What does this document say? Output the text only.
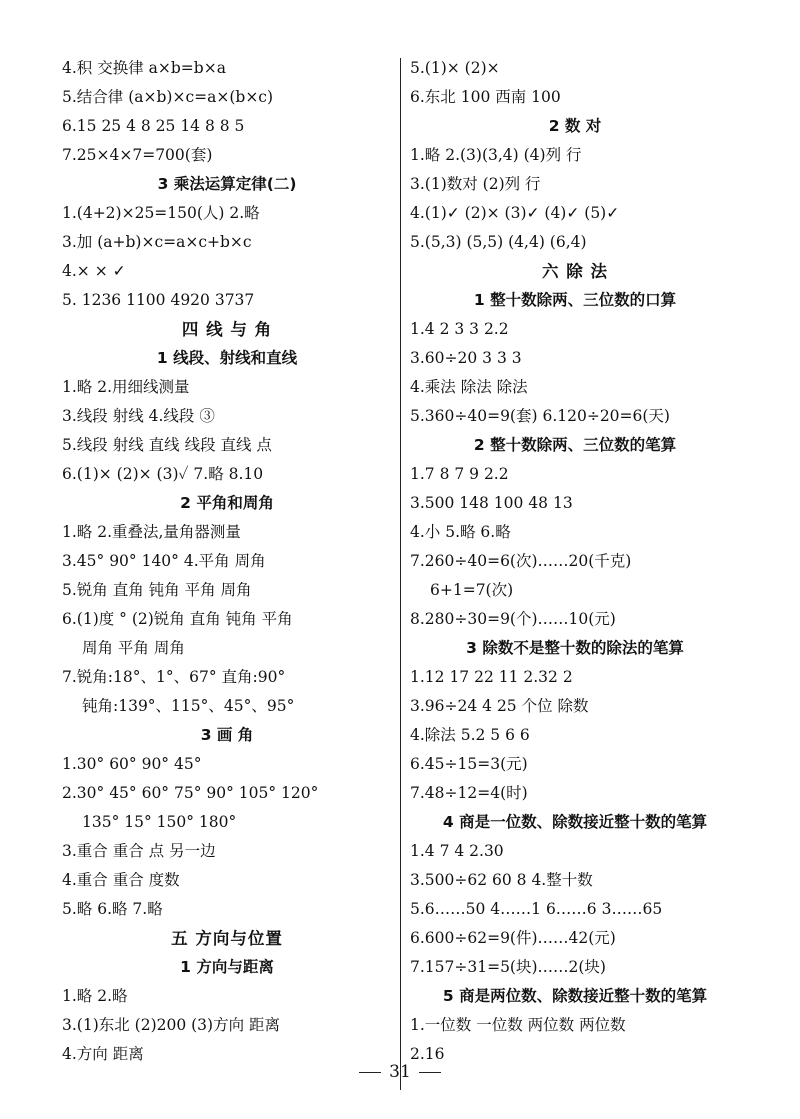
4.积 交换律 a×b=b×a
5.结合律 (a×b)×c=a×(b×c)
6.15 25 4 8 25 14 8 8 5
7.25×4×7=700(套)
3 乘法运算定律(二)
1.(4+2)×25=150(人) 2.略
3.加 (a+b)×c=a×c+b×c
4.× × ✓
5. 1236 1100 4920 3737
四 线 与 角
1 线段、射线和直线
1.略 2.用细线测量
3.线段 射线 4.线段 ③
5.线段 射线 直线 线段 直线 点
6.(1)× (2)× (3)✓ 7.略 8.10
2 平角和周角
1.略 2.重叠法,量角器测量
3.45° 90° 140° 4.平角 周角
5.锐角 直角 钝角 平角 周角
6.(1)度 ° (2)锐角 直角 钝角 平角
周角 平角 周角
7.锐角:18°、1°、67° 直角:90°
钝角:139°、115°、45°、95°
3 画 角
1.30° 60° 90° 45°
2.30° 45° 60° 75° 90° 105° 120°
135° 15° 150° 180°
3.重合 重合 点 另一边
4.重合 重合 度数
5.略 6.略 7.略
五 方向与位置
1 方向与距离
1.略 2.略
3.(1)东北 (2)200 (3)方向 距离
4.方向 距离
5.(1)× (2)×
6.东北 100 西南 100
2 数 对
1.略 2.(3)(3,4) (4)列 行
3.(1)数对 (2)列 行
4.(1)✓ (2)× (3)✓ (4)✓ (5)✓
5.(5,3) (5,5) (4,4) (6,4)
六 除 法
1 整十数除两、三位数的口算
1.4 2 3 3 2.2
3.60÷20 3 3 3
4.乘法 除法 除法
5.360÷40=9(套) 6.120÷20=6(天)
2 整十数除两、三位数的笔算
1.7 8 7 9 2.2
3.500 148 100 48 13
4.小 5.略 6.略
7.260÷40=6(次)……20(千克)
6+1=7(次)
8.280÷30=9(个)……10(元)
3 除数不是整十数的除法的笔算
1.12 17 22 11 2.32 2
3.96÷24 4 25 个位 除数
4.除法 5.2 5 6 6
6.45÷15=3(元)
7.48÷12=4(时)
4 商是一位数、除数接近整十数的笔算
1.4 7 4 2.30
3.500÷62 60 8 4.整十数
5.6……50 4……1 6……6 3……65
6.600÷62=9(件)……42(元)
7.157÷31=5(块)……2(块)
5 商是两位数、除数接近整十数的笔算
1.一位数 一位数 两位数 两位数
2.16
31
